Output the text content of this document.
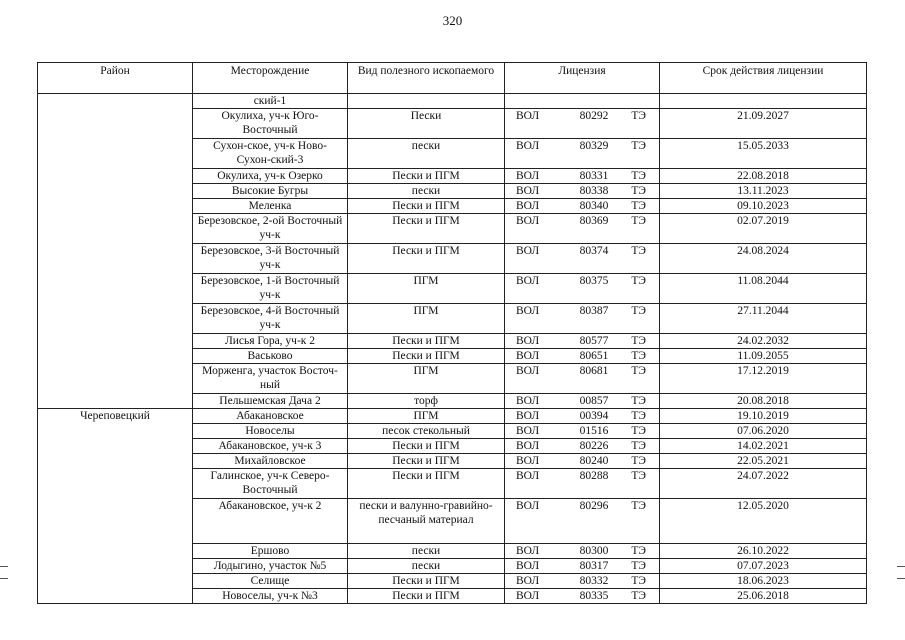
320
Район	Месторождение	Вид полезного ископаемого	Лицензия	Срок действия лицензии
	ский-1		

	Окулиха, уч-к Юго-Восточный	Пески	ВОЛ 80292 ТЭ	21.09.2027
	Сухон-ское, уч-к Ново-Сухон-ский-3	пески	ВОЛ 80329 ТЭ	15.05.2033
	Окулиха, уч-к Озерко	Пески и ПГМ	ВОЛ 80331 ТЭ	22.08.2018
	Высокие Бугры	пески	ВОЛ 80338 ТЭ	13.11.2023
	Меленка	Пески и ПГМ	ВОЛ 80340 ТЭ	09.10.2023
	Березовское, 2-ой Восточный уч-к	Пески и ПГМ	ВОЛ 80369 ТЭ	02.07.2019
	Березовское, 3-й Восточный уч-к	Пески и ПГМ	ВОЛ 80374 ТЭ	24.08.2024
	Березовское, 1-й Восточный уч-к	ПГМ	ВОЛ 80375 ТЭ	11.08.2044
	Березовское, 4-й Восточный уч-к	ПГМ	ВОЛ 80387 ТЭ	27.11.2044
	Лисья Гора, уч-к 2	Пески и ПГМ	ВОЛ 80577 ТЭ	24.02.2032
	Васьково	Пески и ПГМ	ВОЛ 80651 ТЭ	11.09.2055
	Морженга, участок Восточ-ный	ПГМ	ВОЛ 80681 ТЭ	17.12.2019
	Пельшемская Дача 2	торф	ВОЛ 00857 ТЭ	20.08.2018
Череповецкий	Абакановское	ПГМ	ВОЛ 00394 ТЭ	19.10.2019
	Новоселы	песок стекольный	ВОЛ 01516 ТЭ	07.06.2020
	Абакановское, уч-к 3	Пески и ПГМ	ВОЛ 80226 ТЭ	14.02.2021
	Михайловское	Пески и ПГМ	ВОЛ 80240 ТЭ	22.05.2021
	Галинское, уч-к Северо-Восточный	Пески и ПГМ	ВОЛ 80288 ТЭ	24.07.2022
	Абакановское, уч-к 2	пески и валунно-гравийно-песчаный материал	ВОЛ 80296 ТЭ	12.05.2020
	Ершово	пески	ВОЛ 80300 ТЭ	26.10.2022
	Лодыгино, участок №5	пески	ВОЛ 80317 ТЭ	07.07.2023
	Селище	Пески и ПГМ	ВОЛ 80332 ТЭ	18.06.2023
	Новоселы, уч-к №3	Пески и ПГМ	ВОЛ 80335 ТЭ	25.06.2018
